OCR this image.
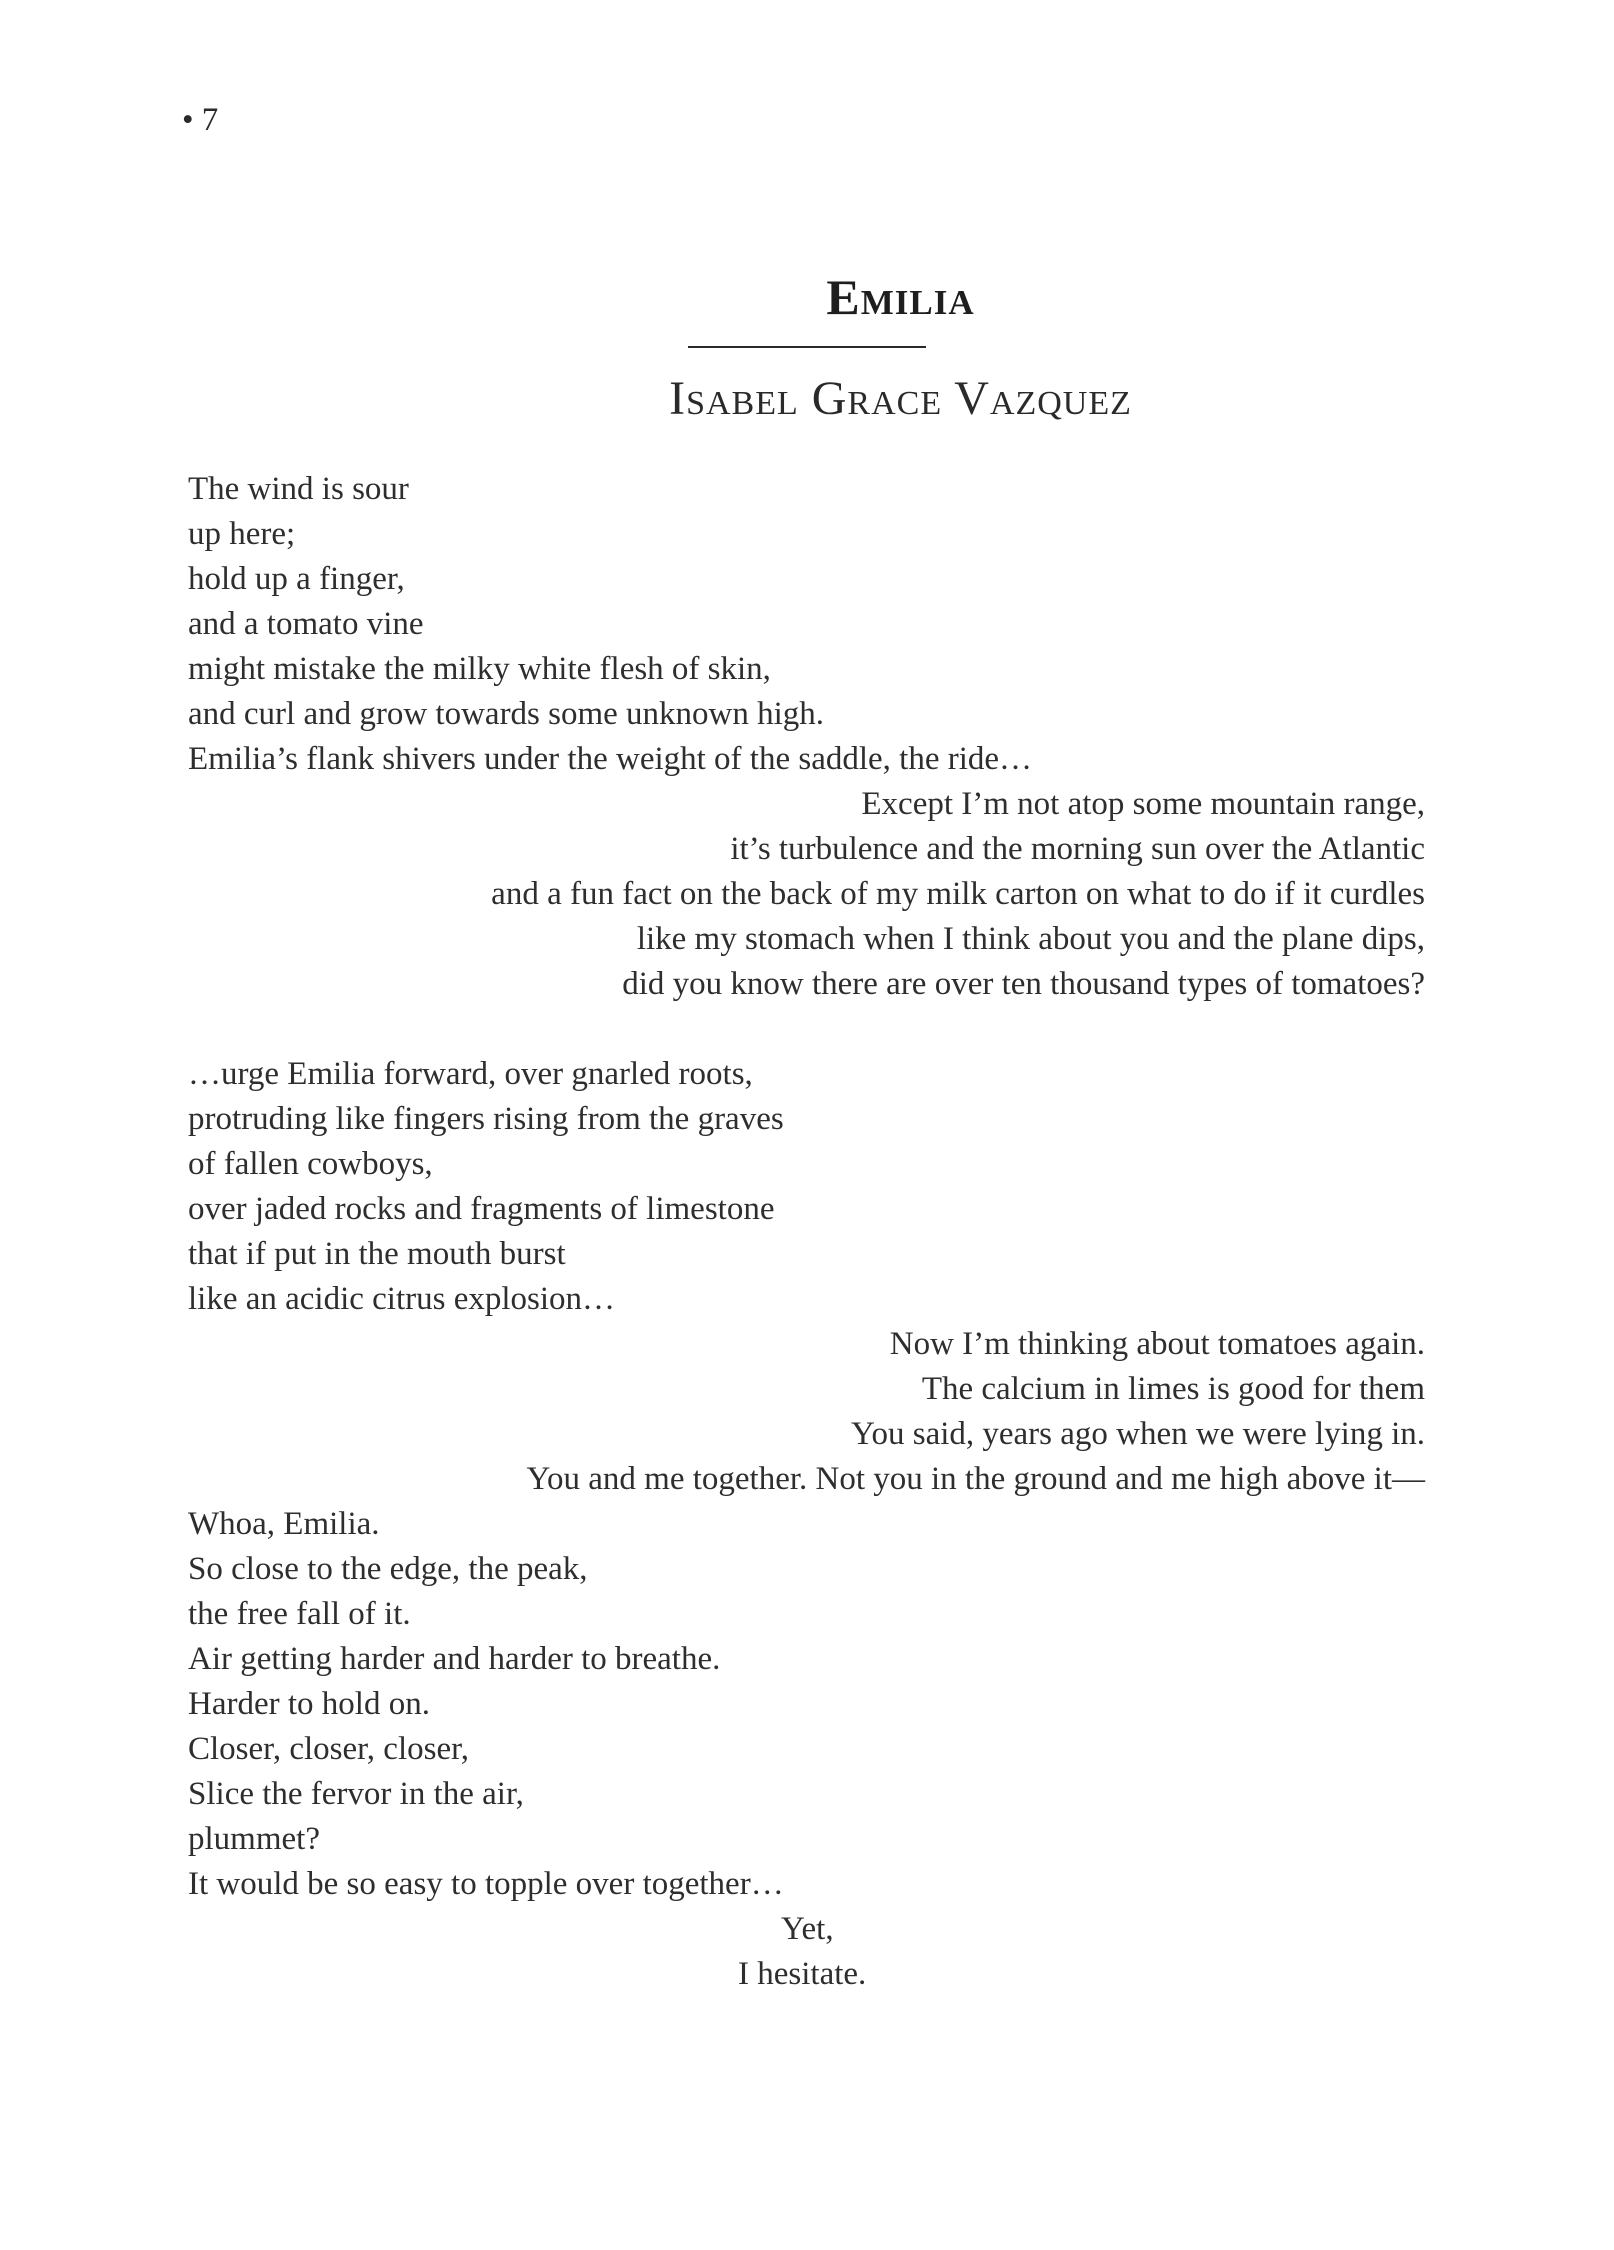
• 7
Emilia
Isabel Grace Vazquez
The wind is sour
up here;
hold up a finger,
and a tomato vine
might mistake the milky white flesh of skin,
and curl and grow towards some unknown high.
Emilia’s flank shivers under the weight of the saddle, the ride…
Except I’m not atop some mountain range,
it’s turbulence and the morning sun over the Atlantic
and a fun fact on the back of my milk carton on what to do if it curdles
like my stomach when I think about you and the plane dips,
did you know there are over ten thousand types of tomatoes?
…urge Emilia forward, over gnarled roots,
protruding like fingers rising from the graves
of fallen cowboys,
over jaded rocks and fragments of limestone
that if put in the mouth burst
like an acidic citrus explosion…
Now I’m thinking about tomatoes again.
The calcium in limes is good for them
You said, years ago when we were lying in.
You and me together. Not you in the ground and me high above it—
Whoa, Emilia.
So close to the edge, the peak,
the free fall of it.
Air getting harder and harder to breathe.
Harder to hold on.
Closer, closer, closer,
Slice the fervor in the air,
plummet?
It would be so easy to topple over together…
Yet,
I hesitate.
